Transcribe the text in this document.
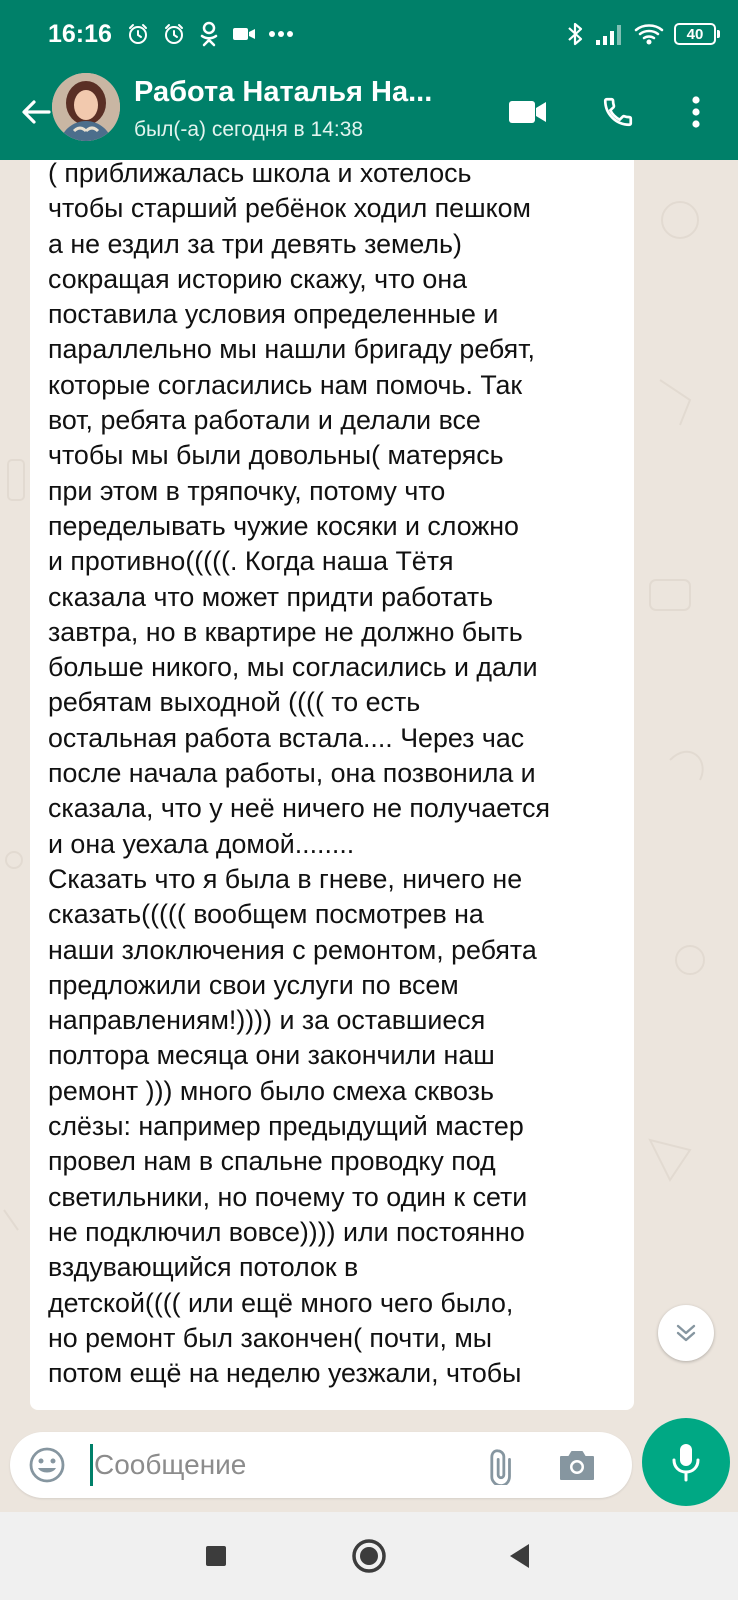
16:16	40
Работа Наталья На...
был(-а) сегодня в 14:38

( приближалась школа и хотелось
чтобы старший ребёнок ходил пешком
а не ездил за три девять земель)
сокращая историю скажу, что она
поставила условия определенные и
параллельно мы нашли бригаду ребят,
которые согласились нам помочь. Так
вот, ребята работали и делали все
чтобы мы были довольны( матерясь
при этом в тряпочку, потому что
переделывать чужие косяки и сложно
и противно(((((. Когда наша Тётя
сказала что может придти работать
завтра, но в квартире не должно быть
больше никого, мы согласились и дали
ребятам выходной (((( то есть
остальная работа встала.... Через час
после начала работы, она позвонила и
сказала, что у неё ничего не получается
и она уехала домой........
Сказать что я была в гневе, ничего не
сказать((((( вообщем посмотрев на
наши злоключения с ремонтом, ребята
предложили свои услуги по всем
направлениям!)))) и за оставшиеся
полтора месяца они закончили наш
ремонт ))) много было смеха сквозь
слёзы: например предыдущий мастер
провел нам в спальне проводку под
светильники, но почему то один к сети
не подключил вовсе)))) или постоянно
вздувающийся потолок в
детской(((( или ещё много чего было,
но ремонт был закончен( почти, мы
потом ещё на неделю уезжали, чтобы

Сообщение
